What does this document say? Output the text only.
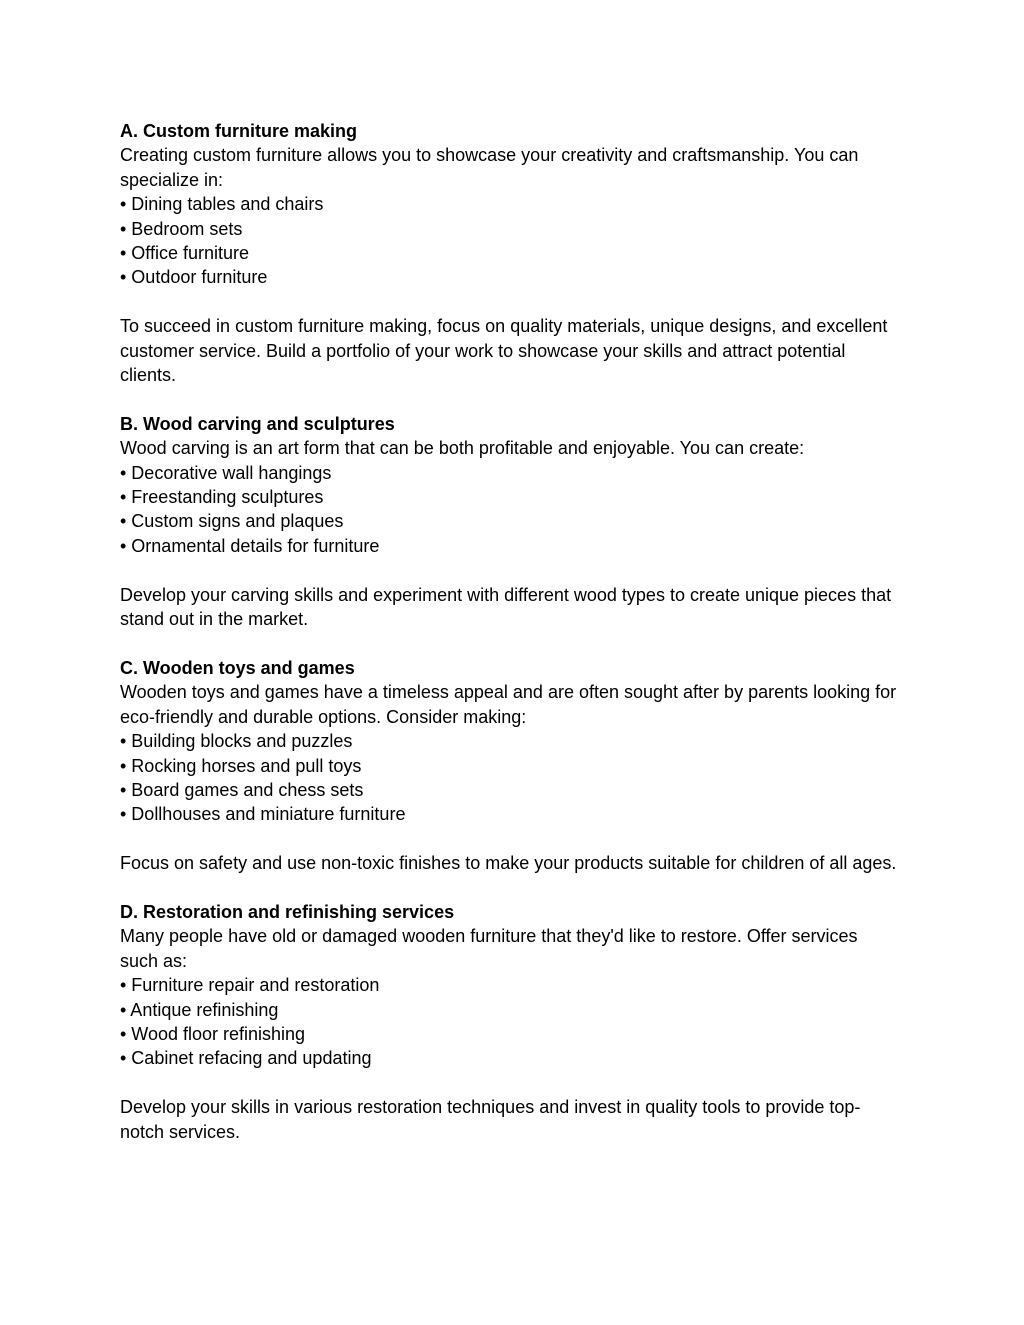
A. Custom furniture making

Creating custom furniture allows you to showcase your creativity and craftsmanship. You can specialize in:

• Dining tables and chairs
• Bedroom sets
• Office furniture
• Outdoor furniture

To succeed in custom furniture making, focus on quality materials, unique designs, and excellent customer service. Build a portfolio of your work to showcase your skills and attract potential clients.

B. Wood carving and sculptures

Wood carving is an art form that can be both profitable and enjoyable. You can create:

• Decorative wall hangings
• Freestanding sculptures
• Custom signs and plaques
• Ornamental details for furniture

Develop your carving skills and experiment with different wood types to create unique pieces that stand out in the market.

C. Wooden toys and games

Wooden toys and games have a timeless appeal and are often sought after by parents looking for eco-friendly and durable options. Consider making:

• Building blocks and puzzles
• Rocking horses and pull toys
• Board games and chess sets
• Dollhouses and miniature furniture

Focus on safety and use non-toxic finishes to make your products suitable for children of all ages.

D. Restoration and refinishing services

Many people have old or damaged wooden furniture that they'd like to restore. Offer services such as:

• Furniture repair and restoration
• Antique refinishing
• Wood floor refinishing
• Cabinet refacing and updating

Develop your skills in various restoration techniques and invest in quality tools to provide top-notch services.
